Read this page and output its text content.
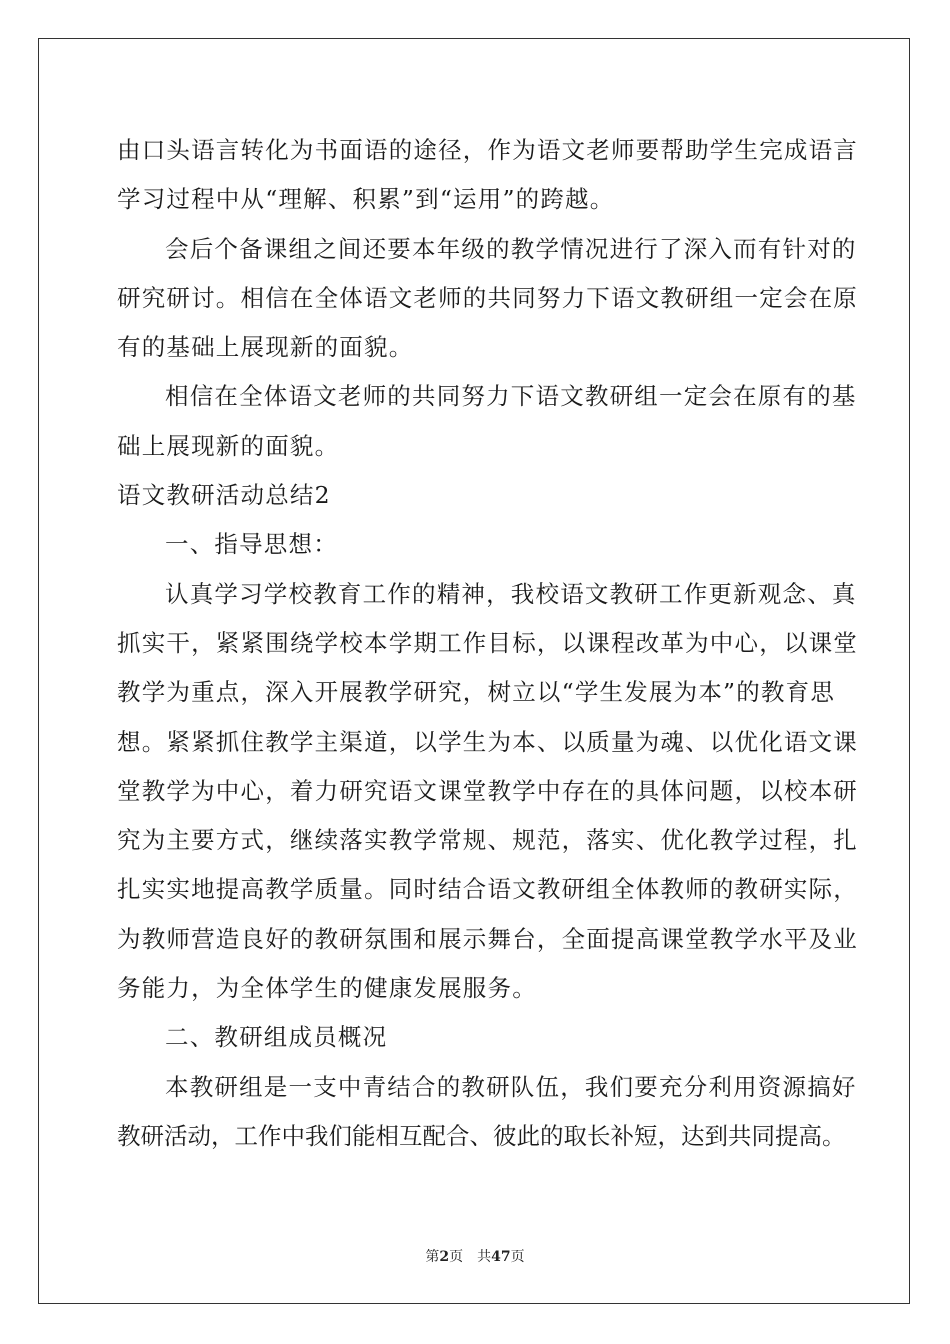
由口头语言转化为书面语的途径，作为语文老师要帮助学生完成语言
学习过程中从“理解、积累”到“运用”的跨越。
会后个备课组之间还要本年级的教学情况进行了深入而有针对的
研究研讨。相信在全体语文老师的共同努力下语文教研组一定会在原
有的基础上展现新的面貌。
相信在全体语文老师的共同努力下语文教研组一定会在原有的基
础上展现新的面貌。
语文教研活动总结2
一、指导思想：
认真学习学校教育工作的精神，我校语文教研工作更新观念、真
抓实干，紧紧围绕学校本学期工作目标，以课程改革为中心，以课堂
教学为重点，深入开展教学研究，树立以“学生发展为本”的教育思
想。紧紧抓住教学主渠道，以学生为本、以质量为魂、以优化语文课
堂教学为中心，着力研究语文课堂教学中存在的具体问题，以校本研
究为主要方式，继续落实教学常规、规范，落实、优化教学过程，扎
扎实实地提高教学质量。同时结合语文教研组全体教师的教研实际，
为教师营造良好的教研氛围和展示舞台，全面提高课堂教学水平及业
务能力，为全体学生的健康发展服务。
二、教研组成员概况
本教研组是一支中青结合的教研队伍，我们要充分利用资源搞好
教研活动，工作中我们能相互配合、彼此的取长补短，达到共同提高。
第2页 共47页
